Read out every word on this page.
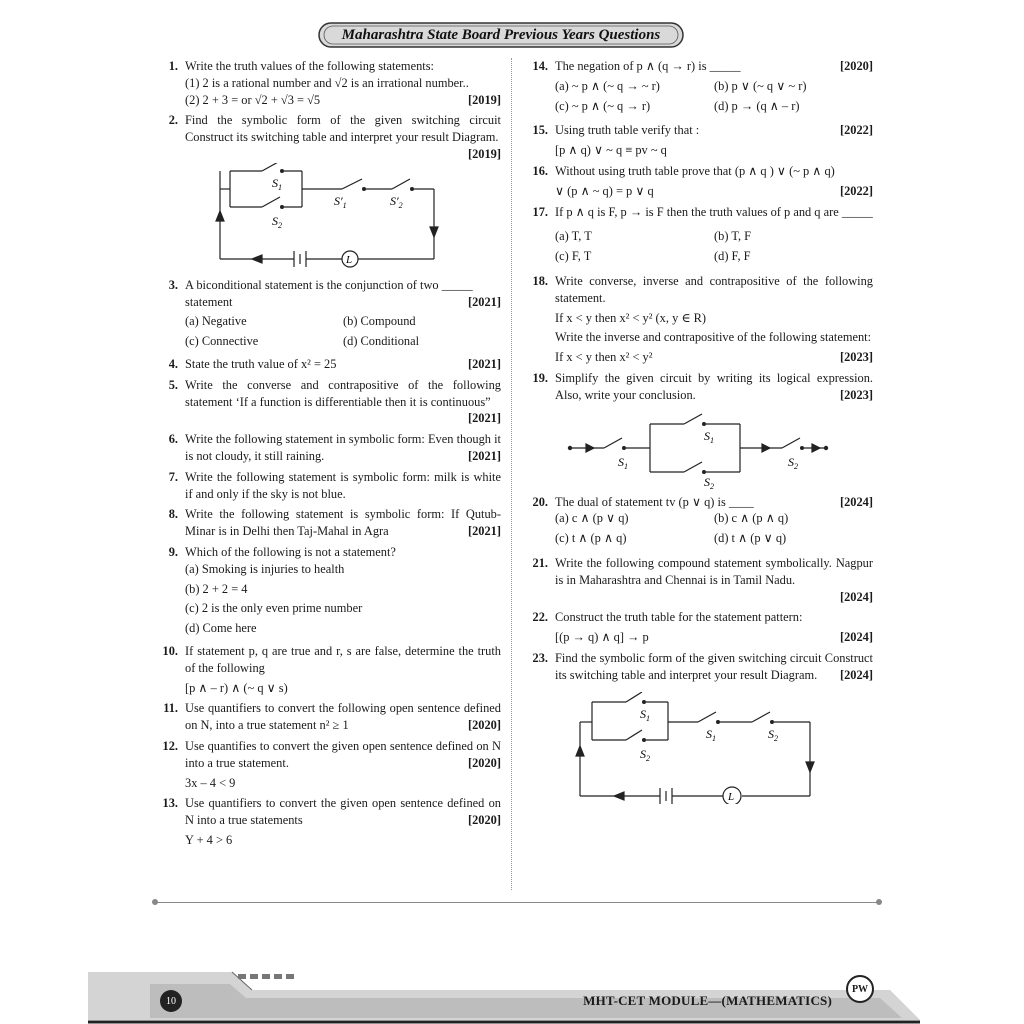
Maharashtra State Board Previous Years Questions
1. Write the truth values of the following statements:
(1) 2 is a rational number and √2 is an irrational number..
[2019]
(2) 2 + 3 = or √2 + √3 = √5
2. Find the symbolic form of the given switching circuit Construct its switching table and interpret your result Diagram.
[2019]
$S_1$
$S_2$
$S'_1$	$S'_2$
L
3. A biconditional statement is the conjunction of two _____ statement	[2021]
(a) Negative	(b) Compound
(c) Connective	(d) Conditional
4.	[2021]
State the truth value of x² = 25
5. Write the converse and contrapositive of the following statement ‘If a function is differentiable then it is continuous”
[2021]
6. Write the following statement in symbolic form: Even though it is not cloudy, it still raining.	[2021]
7. Write the following statement is symbolic form: milk is white if and only if the sky is not blue.
8. Write the following statement is symbolic form: If Qutub-Minar is in Delhi then Taj-Mahal in Agra	[2021]
9. Which of the following is not a statement?
(a) Smoking is injuries to health
(b) 2 + 2 = 4
(c) 2 is the only even prime number
(d) Come here
10. If statement p, q are true and r, s are false, determine the truth of the following
[p ∧ – r) ∧ (~ q ∨ s)
11. Use quantifiers to convert the following open sentence defined on N, into a true statement n² ≥ 1	[2020]
12. Use quantifies to convert the given open sentence defined on N into a true statement.	[2020]
3x – 4 < 9
13. Use quantifiers to convert the given open sentence defined on N into a true statements	[2020]
Y + 4 > 6
14.	[2020]
The negation of p ∧ (q → r) is _____
(a) ~ p ∧ (~ q → ~ r)	(b) p ∨ (~ q ∨ ~ r)
(c) ~ p ∧ (~ q → r)	(d) p → (q ∧ – r)
15.	[2022]
Using truth table verify that :
[p ∧ q) ∨ ~ q ≡ pv ~ q
16. Without using truth table prove that (p ∧ q ) ∨ (~ p ∧ q)
[2022]
∨ (p ∧ ~ q) = p ∨ q
17. If p ∧ q is F, p → is F then the truth values of p and q are _____
(a) T, T	(b) T, F
(c) F, T	(d) F, F
18. Write converse, inverse and contrapositive of the following statement.
If x < y then x² < y² (x, y ∈ R)
Write the inverse and contrapositive of the following statement:
[2023]
If x < y then x² < y²
19. Simplify the given circuit by writing its logical expression. Also, write your conclusion.	[2023]
$S_1$
$S_1$
$S_2$
$S_2$
20.	[2024]
The dual of statement tv (p ∨ q) is ____
(a) c ∧ (p ∨ q)	(b) c ∧ (p ∧ q)
(c) t ∧ (p ∧ q)	(d) t ∧ (p ∨ q)
21. Write the following compound statement symbolically. Nagpur is in Maharashtra and Chennai is in Tamil Nadu.
[2024]
22. Construct the truth table for the statement pattern:
[2024]
[(p → q) ∧ q] → p
23. Find the symbolic form of the given switching circuit Construct its switching table and interpret your result Diagram. [2024]
$S_1$
$S_2$
$S_1$	$S_2$
L
10	MHT-CET MODULE—(MATHEMATICS)
PW
